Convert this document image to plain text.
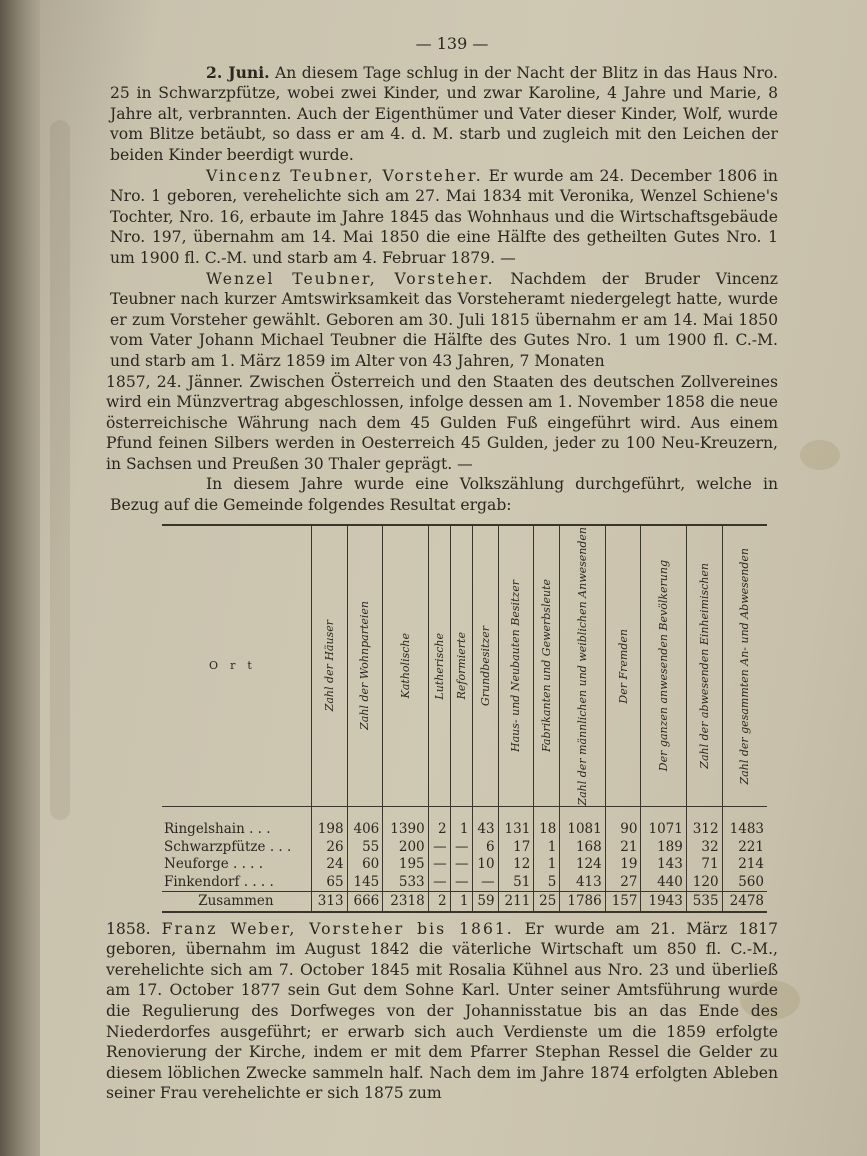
— 139 —

2. Juni. An diesem Tage schlug in der Nacht der Blitz in das Haus Nro. 25 in Schwarzpfütze, wobei zwei Kinder, und zwar Karoline, 4 Jahre und Marie, 8 Jahre alt, verbrannten. Auch der Eigenthümer und Vater dieser Kinder, Wolf, wurde vom Blitze betäubt, so dass er am 4. d. M. starb und zugleich mit den Leichen der beiden Kinder beerdigt wurde.

Vincenz Teubner, Vorsteher. Er wurde am 24. December 1806 in Nro. 1 geboren, verehelichte sich am 27. Mai 1834 mit Veronika, Wenzel Schiene's Tochter, Nro. 16, erbaute im Jahre 1845 das Wohnhaus und die Wirtschaftsgebäude Nro. 197, übernahm am 14. Mai 1850 die eine Hälfte des getheilten Gutes Nro. 1 um 1900 fl. C.-M. und starb am 4. Februar 1879. —

Wenzel Teubner, Vorsteher. Nachdem der Bruder Vincenz Teubner nach kurzer Amtswirksamkeit das Vorsteheramt niedergelegt hatte, wurde er zum Vorsteher gewählt. Geboren am 30. Juli 1815 übernahm er am 14. Mai 1850 vom Vater Johann Michael Teubner die Hälfte des Gutes Nro. 1 um 1900 fl. C.-M. und starb am 1. März 1859 im Alter von 43 Jahren, 7 Monaten

1857, 24. Jänner. Zwischen Österreich und den Staaten des deutschen Zollvereines wird ein Münzvertrag abgeschlossen, infolge dessen am 1. November 1858 die neue österreichische Währung nach dem 45 Gulden Fuß eingeführt wird. Aus einem Pfund feinen Silbers werden in Oesterreich 45 Gulden, jeder zu 100 Neu-Kreuzern, in Sachsen und Preußen 30 Thaler geprägt. —

In diesem Jahre wurde eine Volkszählung durchgeführt, welche in Bezug auf die Gemeinde folgendes Resultat ergab:

Ort	Zahl der Häuser	Zahl der Wohnparteien	Katholische	Lutherische	Reformierte	Grundbesitzer	Haus- und Neubauten Besitzer	Fabrikanten und Gewerbsleute	Zahl der männlichen und weiblichen Anwesenden	Der Fremden	Der ganzen anwesenden Bevölkerung	Zahl der abwesenden Einheimischen	Zahl der gesammten An- und Abwesenden

Ringelshain . . .	198	406	1390	2	1	43	131	18	1081	90	1071	312	1483
Schwarzpfütze . . .	26	55	200	—	—	6	17	1	168	21	189	32	221
Neuforge . . . .	24	60	195	—	—	10	12	1	124	19	143	71	214
Finkendorf . . . .	65	145	533	—	—	—	51	5	413	27	440	120	560
Zusammen	313	666	2318	2	1	59	211	25	1786	157	1943	535	2478

1858. Franz Weber, Vorsteher bis 1861. Er wurde am 21. März 1817 geboren, übernahm im August 1842 die väterliche Wirtschaft um 850 fl. C.-M., verehelichte sich am 7. October 1845 mit Rosalia Kühnel aus Nro. 23 und überließ am 17. October 1877 sein Gut dem Sohne Karl. Unter seiner Amtsführung wurde die Regulierung des Dorfweges von der Johannisstatue bis an das Ende des Niederdorfes ausgeführt; er erwarb sich auch Verdienste um die 1859 erfolgte Renovierung der Kirche, indem er mit dem Pfarrer Stephan Ressel die Gelder zu diesem löblichen Zwecke sammeln half. Nach dem im Jahre 1874 erfolgten Ableben seiner Frau verehelichte er sich 1875 zum
